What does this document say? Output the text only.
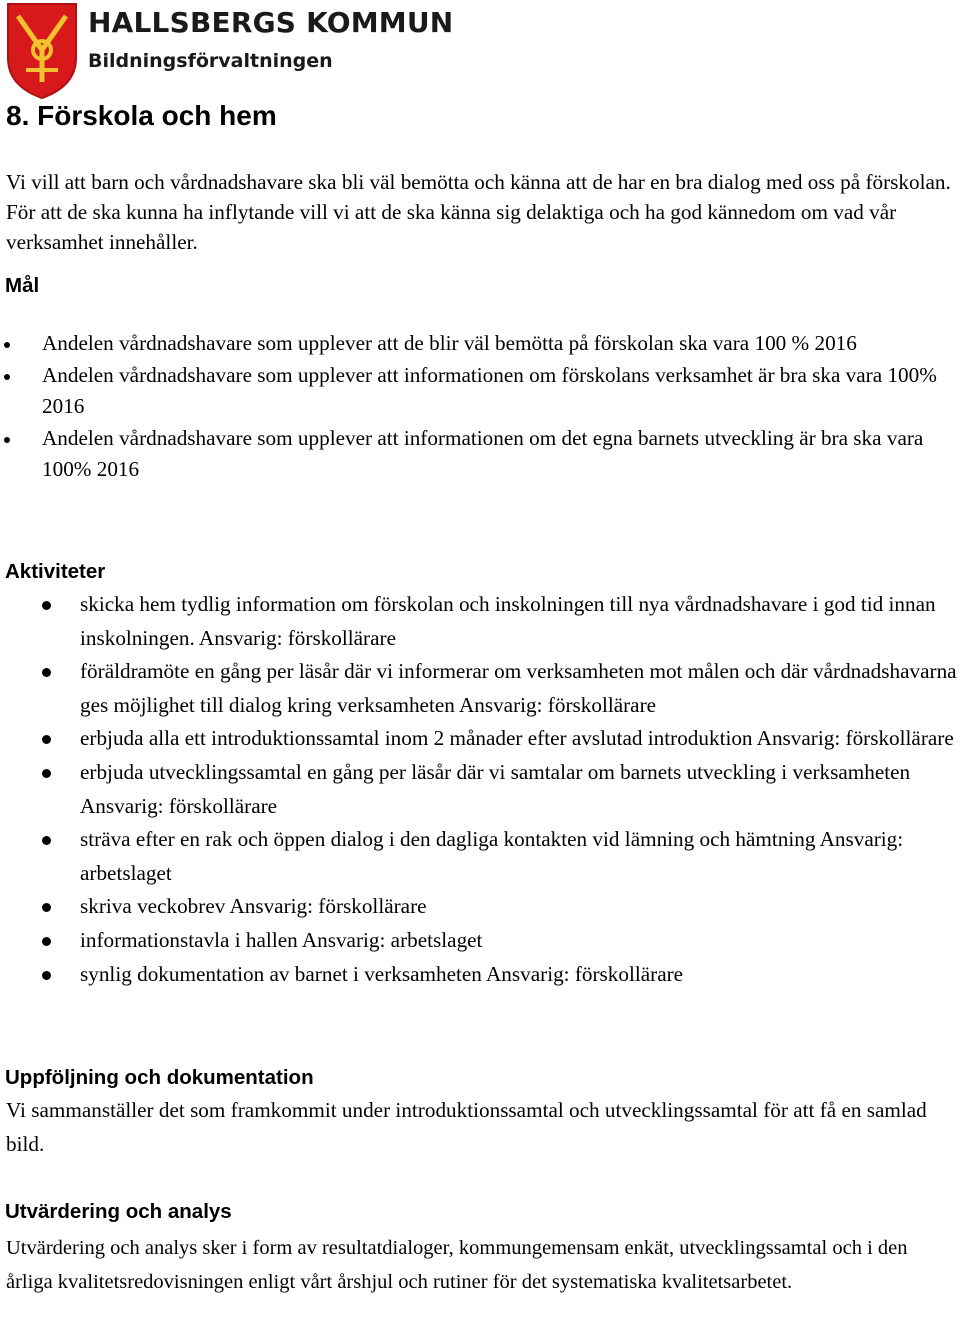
HALLSBERGS KOMMUN
Bildningsförvaltningen
8. Förskola och hem

Vi vill att barn och vårdnadshavare ska bli väl bemötta och känna att de har en bra dialog med oss på förskolan. För att de ska kunna ha inflytande vill vi att de ska känna sig delaktiga och ha god kännedom om vad vår verksamhet innehåller.

Mål
Andelen vårdnadshavare som upplever att de blir väl bemötta på förskolan ska vara 100 % 2016
Andelen vårdnadshavare som upplever att informationen om förskolans verksamhet är bra ska vara 100% 2016
Andelen vårdnadshavare som upplever att informationen om det egna barnets utveckling är bra ska vara 100% 2016
Aktiviteter
skicka hem tydlig information om förskolan och inskolningen till nya vårdnadshavare i god tid innan inskolningen. Ansvarig: förskollärare
föräldramöte en gång per läsår där vi informerar om verksamheten mot målen och där vårdnadshavarna ges möjlighet till dialog kring verksamheten Ansvarig: förskollärare
erbjuda alla ett introduktionssamtal inom 2 månader efter avslutad introduktion Ansvarig: förskollärare
erbjuda utvecklingssamtal en gång per läsår där vi samtalar om barnets utveckling i verksamheten Ansvarig: förskollärare
sträva efter en rak och öppen dialog i den dagliga kontakten vid lämning och hämtning Ansvarig: arbetslaget
skriva veckobrev Ansvarig: förskollärare
informationstavla i hallen Ansvarig: arbetslaget
synlig dokumentation av barnet i verksamheten Ansvarig: förskollärare
Uppföljning och dokumentation

Vi sammanställer det som framkommit under introduktionssamtal och utvecklingssamtal för att få en samlad bild.

Utvärdering och analys

Utvärdering och analys sker i form av resultatdialoger, kommungemensam enkät, utvecklingssamtal och i den årliga kvalitetsredovisningen enligt vårt årshjul och rutiner för det systematiska kvalitetsarbetet.
